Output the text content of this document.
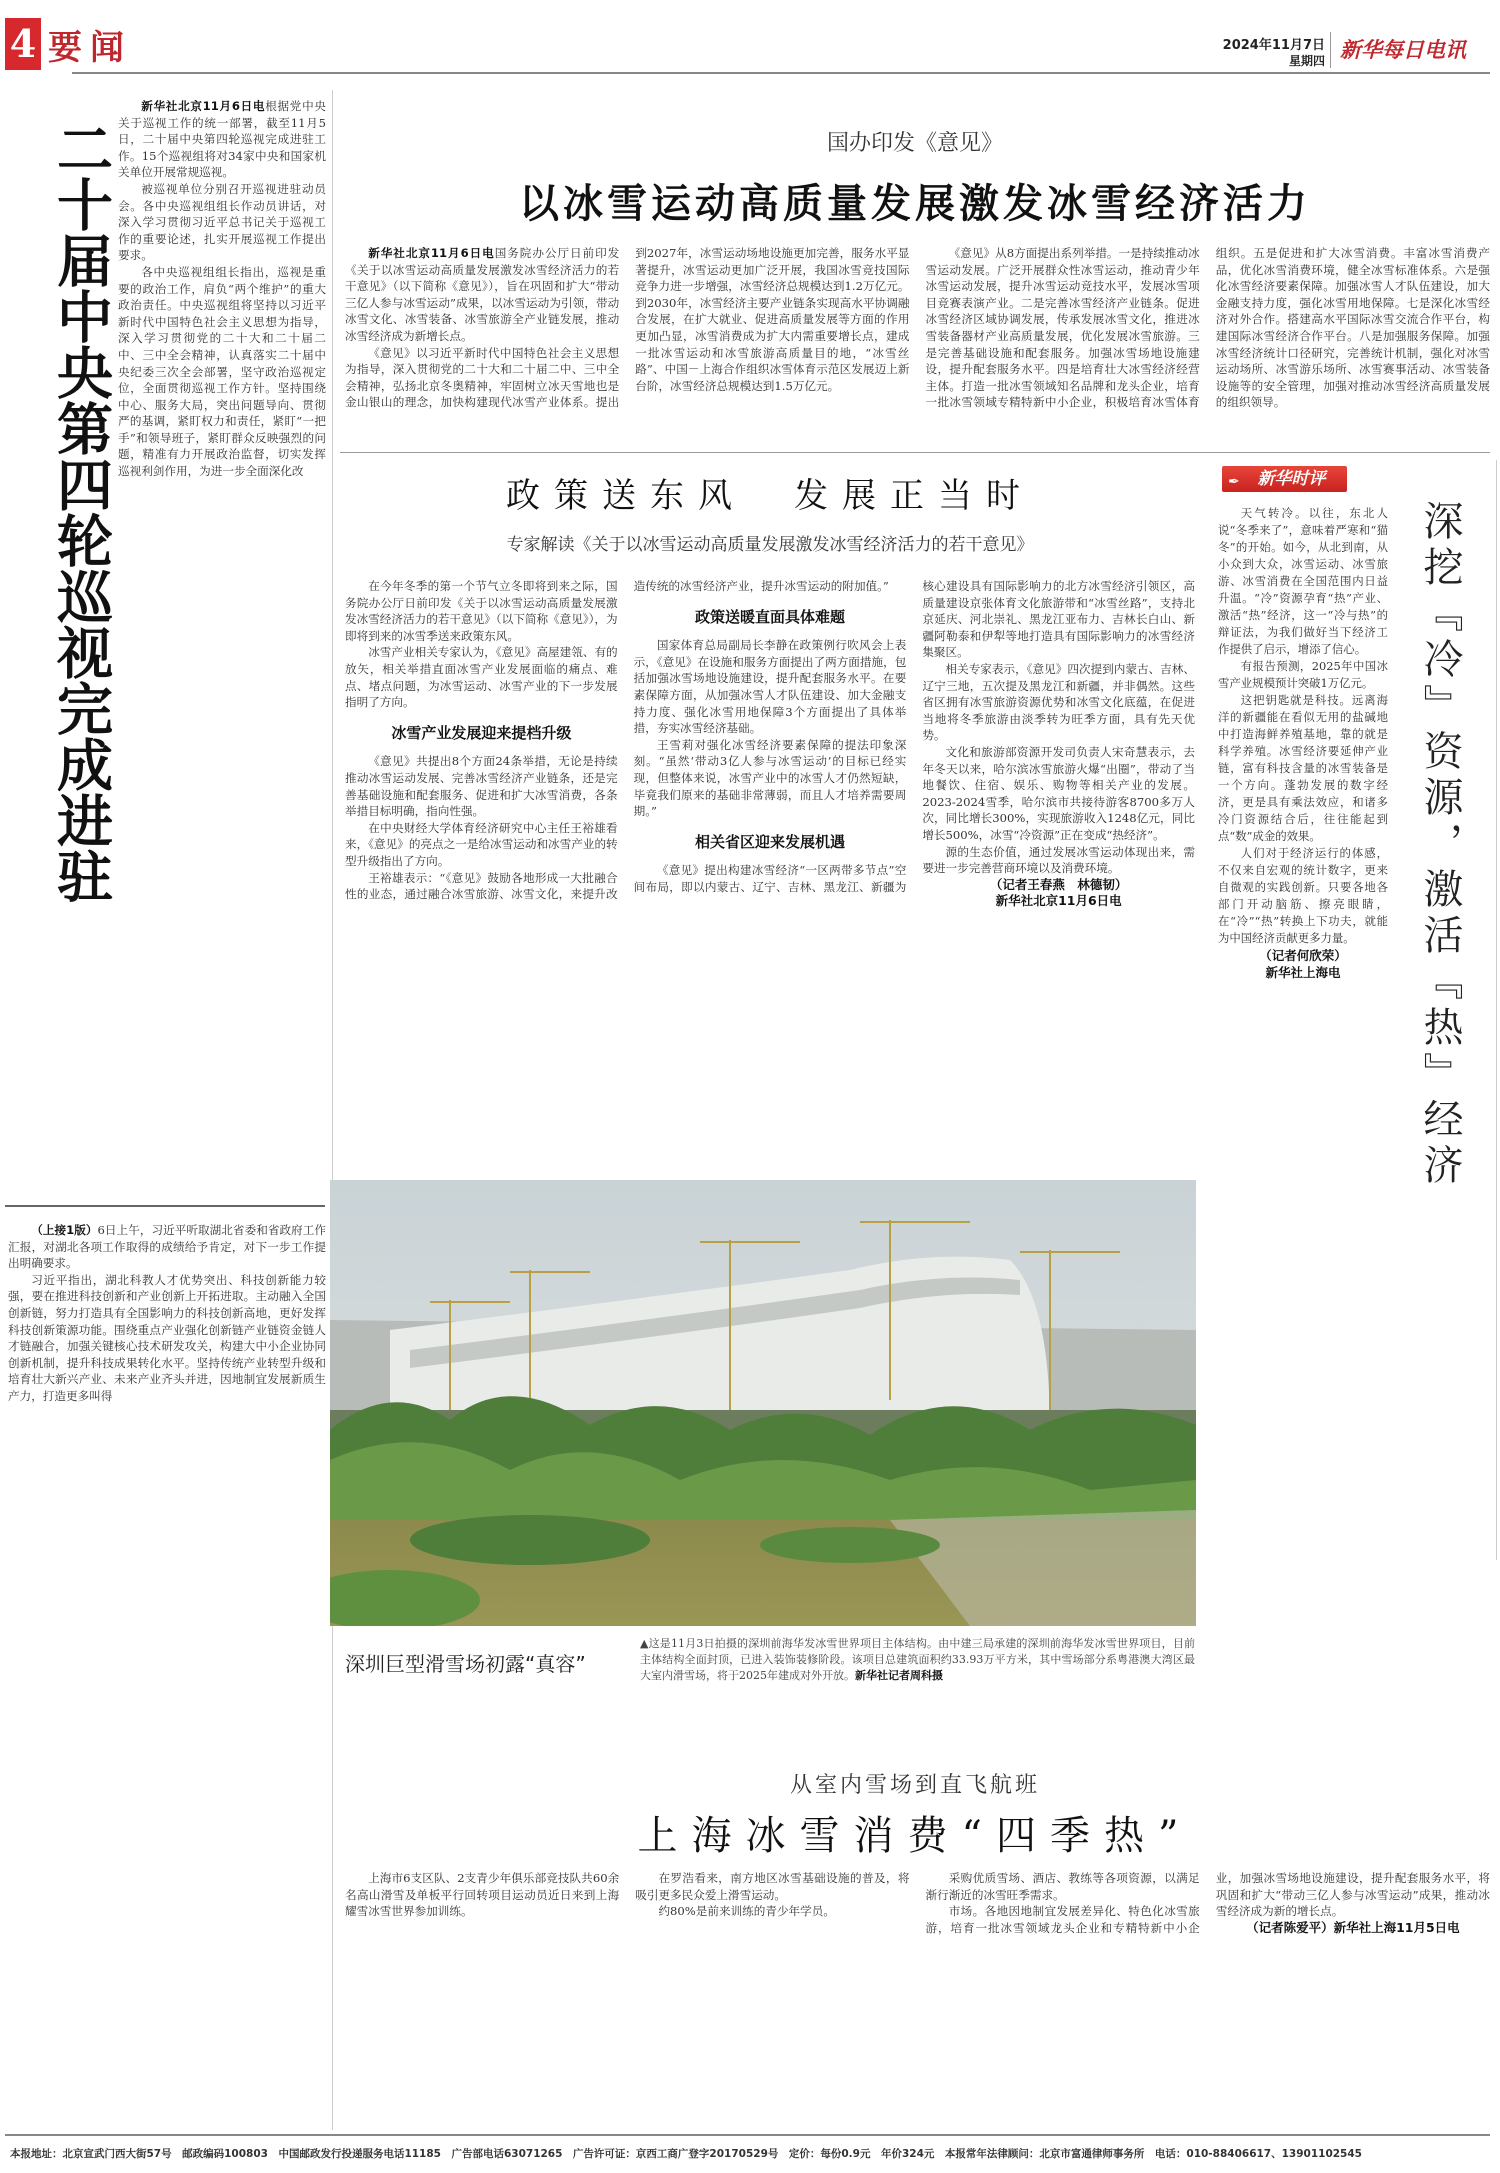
4 要闻	2024年11月7日
星期四 新华每日电讯
二十届中央第四轮巡视完成进驻

新华社北京11月6日电根据党中央关于巡视工作的统一部署，截至11月5日，二十届中央第四轮巡视完成进驻工作。15个巡视组将对34家中央和国家机关单位开展常规巡视。

被巡视单位分别召开巡视进驻动员会。各中央巡视组组长作动员讲话，对深入学习贯彻习近平总书记关于巡视工作的重要论述，扎实开展巡视工作提出要求。

各中央巡视组组长指出，巡视是重要的政治工作，肩负“两个维护”的重大政治责任。中央巡视组将坚持以习近平新时代中国特色社会主义思想为指导，深入学习贯彻党的二十大和二十届二中、三中全会精神，认真落实二十届中央纪委三次全会部署，坚守政治巡视定位，全面贯彻巡视工作方针。坚持围绕中心、服务大局，突出问题导向、贯彻严的基调，紧盯权力和责任，紧盯“一把手”和领导班子，紧盯群众反映强烈的问题，精准有力开展政治监督，切实发挥巡视利剑作用，为进一步全面深化改

（上接1版）6日上午，习近平听取湖北省委和省政府工作汇报，对湖北各项工作取得的成绩给予肯定，对下一步工作提出明确要求。

习近平指出，湖北科教人才优势突出、科技创新能力较强，要在推进科技创新和产业创新上开拓进取。主动融入全国创新链，努力打造具有全国影响力的科技创新高地，更好发挥科技创新策源功能。围绕重点产业强化创新链产业链资金链人才链融合，加强关键核心技术研发攻关，构建大中小企业协同创新机制，提升科技成果转化水平。坚持传统产业转型升级和培育壮大新兴产业、未来产业齐头并进，因地制宜发展新质生产力，打造更多叫得

国办印发《意见》
以冰雪运动高质量发展激发冰雪经济活力

新华社北京11月6日电国务院办公厅日前印发《关于以冰雪运动高质量发展激发冰雪经济活力的若干意见》（以下简称《意见》），旨在巩固和扩大“带动三亿人参与冰雪运动”成果，以冰雪运动为引领，带动冰雪文化、冰雪装备、冰雪旅游全产业链发展，推动冰雪经济成为新增长点。

《意见》以习近平新时代中国特色社会主义思想为指导，深入贯彻党的二十大和二十届二中、三中全会精神，弘扬北京冬奥精神，牢固树立冰天雪地也是金山银山的理念，加快构建现代冰雪产业体系。提出到2027年，冰雪运动场地设施更加完善，服务水平显著提升，冰雪运动更加广泛开展，我国冰雪竞技国际竞争力进一步增强，冰雪经济总规模达到1.2万亿元。到2030年，冰雪经济主要产业链条实现高水平协调融合发展，在扩大就业、促进高质量发展等方面的作用更加凸显，冰雪消费成为扩大内需重要增长点，建成一批冰雪运动和冰雪旅游高质量目的地，“冰雪丝路”、中国－上海合作组织冰雪体育示范区发展迈上新台阶，冰雪经济总规模达到1.5万亿元。

《意见》从8方面提出系列举措。一是持续推动冰雪运动发展。广泛开展群众性冰雪运动，推动青少年冰雪运动发展，提升冰雪运动竞技水平，发展冰雪项目竞赛表演产业。二是完善冰雪经济产业链条。促进冰雪经济区域协调发展，传承发展冰雪文化，推进冰雪装备器材产业高质量发展，优化发展冰雪旅游。三是完善基础设施和配套服务。加强冰雪场地设施建设，提升配套服务水平。四是培育壮大冰雪经济经营主体。打造一批冰雪领域知名品牌和龙头企业，培育一批冰雪领域专精特新中小企业，积极培育冰雪体育组织。五是促进和扩大冰雪消费。丰富冰雪消费产品，优化冰雪消费环境，健全冰雪标准体系。六是强化冰雪经济要素保障。加强冰雪人才队伍建设，加大金融支持力度，强化冰雪用地保障。七是深化冰雪经济对外合作。搭建高水平国际冰雪交流合作平台，构建国际冰雪经济合作平台。八是加强服务保障。加强冰雪经济统计口径研究，完善统计机制，强化对冰雪运动场所、冰雪游乐场所、冰雪赛事活动、冰雪装备设施等的安全管理，加强对推动冰雪经济高质量发展的组织领导。

政策送东风　发展正当时
专家解读《关于以冰雪运动高质量发展激发冰雪经济活力的若干意见》

在今年冬季的第一个节气立冬即将到来之际，国务院办公厅日前印发《关于以冰雪运动高质量发展激发冰雪经济活力的若干意见》（以下简称《意见》），为即将到来的冰雪季送来政策东风。

冰雪产业相关专家认为，《意见》高屋建瓴、有的放矢，相关举措直面冰雪产业发展面临的痛点、难点、堵点问题，为冰雪运动、冰雪产业的下一步发展指明了方向。

冰雪产业发展迎来提档升级

《意见》共提出8个方面24条举措，无论是持续推动冰雪运动发展、完善冰雪经济产业链条，还是完善基础设施和配套服务、促进和扩大冰雪消费，各条举措目标明确，指向性强。

在中央财经大学体育经济研究中心主任王裕雄看来，《意见》的亮点之一是给冰雪运动和冰雪产业的转型升级指出了方向。

王裕雄表示：“《意见》鼓励各地形成一大批融合性的业态，通过融合冰雪旅游、冰雪文化，来提升改造传统的冰雪经济产业，提升冰雪运动的附加值。”

政策送暖直面具体难题

国家体育总局副局长李静在政策例行吹风会上表示，《意见》在设施和服务方面提出了两方面措施，包括加强冰雪场地设施建设，提升配套服务水平。在要素保障方面，从加强冰雪人才队伍建设、加大金融支持力度、强化冰雪用地保障3个方面提出了具体举措，夯实冰雪经济基础。

王雪莉对强化冰雪经济要素保障的提法印象深刻。“虽然‘带动3亿人参与冰雪运动’的目标已经实现，但整体来说，冰雪产业中的冰雪人才仍然短缺，毕竟我们原来的基础非常薄弱，而且人才培养需要周期。”

相关省区迎来发展机遇

《意见》提出构建冰雪经济“一区两带多节点”空间布局，即以内蒙古、辽宁、吉林、黑龙江、新疆为核心建设具有国际影响力的北方冰雪经济引领区，高质量建设京张体育文化旅游带和“冰雪丝路”，支持北京延庆、河北崇礼、黑龙江亚布力、吉林长白山、新疆阿勒泰和伊犁等地打造具有国际影响力的冰雪经济集聚区。

相关专家表示，《意见》四次提到内蒙古、吉林、辽宁三地，五次提及黑龙江和新疆，并非偶然。这些省区拥有冰雪旅游资源优势和冰雪文化底蕴，在促进当地将冬季旅游由淡季转为旺季方面，具有先天优势。

文化和旅游部资源开发司负责人宋奇慧表示，去年冬天以来，哈尔滨冰雪旅游火爆“出圈”，带动了当地餐饮、住宿、娱乐、购物等相关产业的发展。2023-2024雪季，哈尔滨市共接待游客8700多万人次，同比增长300%，实现旅游收入1248亿元，同比增长500%，冰雪“冷资源”正在变成“热经济”。

源的生态价值，通过发展冰雪运动体现出来，需要进一步完善营商环境以及消费环境。

（记者王春燕　林德韧）
新华社北京11月6日电
✒ 新华时评
深挖『冷』资源，激活『热』经济

天气转冷。以往，东北人说“冬季来了”，意味着严寒和“猫冬”的开始。如今，从北到南，从小众到大众，冰雪运动、冰雪旅游、冰雪消费在全国范围内日益升温。“冷”资源孕育“热”产业、激活“热”经济，这一“冷与热”的辩证法，为我们做好当下经济工作提供了启示，增添了信心。

有报告预测，2025年中国冰雪产业规模预计突破1万亿元。

这把钥匙就是科技。远离海洋的新疆能在看似无用的盐碱地中打造海鲜养殖基地，靠的就是科学养殖。冰雪经济要延伸产业链，富有科技含量的冰雪装备是一个方向。蓬勃发展的数字经济，更是具有乘法效应，和诸多冷门资源结合后，往往能起到点“数”成金的效果。

人们对于经济运行的体感，不仅来自宏观的统计数字，更来自微观的实践创新。只要各地各部门开动脑筋、擦亮眼睛，在“冷”“热”转换上下功夫，就能为中国经济贡献更多力量。

（记者何欣荣）
新华社上海电
深圳巨型滑雪场初露“真容”
▲这是11月3日拍摄的深圳前海华发冰雪世界项目主体结构。由中建三局承建的深圳前海华发冰雪世界项目，目前主体结构全面封顶，已进入装饰装修阶段。该项目总建筑面积约33.93万平方米，其中雪场部分系粤港澳大湾区最大室内滑雪场，将于2025年建成对外开放。新华社记者周科摄
从室内雪场到直飞航班
上海冰雪消费“四季热”

上海市6支区队、2支青少年俱乐部竞技队共60余名高山滑雪及单板平行回转项目运动员近日来到上海耀雪冰雪世界参加训练。

在罗浩看来，南方地区冰雪基础设施的普及，将吸引更多民众爱上滑雪运动。

约80%是前来训练的青少年学员。

采购优质雪场、酒店、教练等各项资源，以满足渐行渐近的冰雪旺季需求。

市场。各地因地制宜发展差异化、特色化冰雪旅游，培育一批冰雪领域龙头企业和专精特新中小企业，加强冰雪场地设施建设，提升配套服务水平，将巩固和扩大“带动三亿人参与冰雪运动”成果，推动冰雪经济成为新的增长点。

（记者陈爱平）新华社上海11月5日电
本报地址：北京宣武门西大街57号　邮政编码100803　中国邮政发行投递服务电话11185　广告部电话63071265　广告许可证：京西工商广登字20170529号　定价：每份0.9元　年价324元　本报常年法律顾问：北京市富通律师事务所　电话：010-88406617、13901102545
